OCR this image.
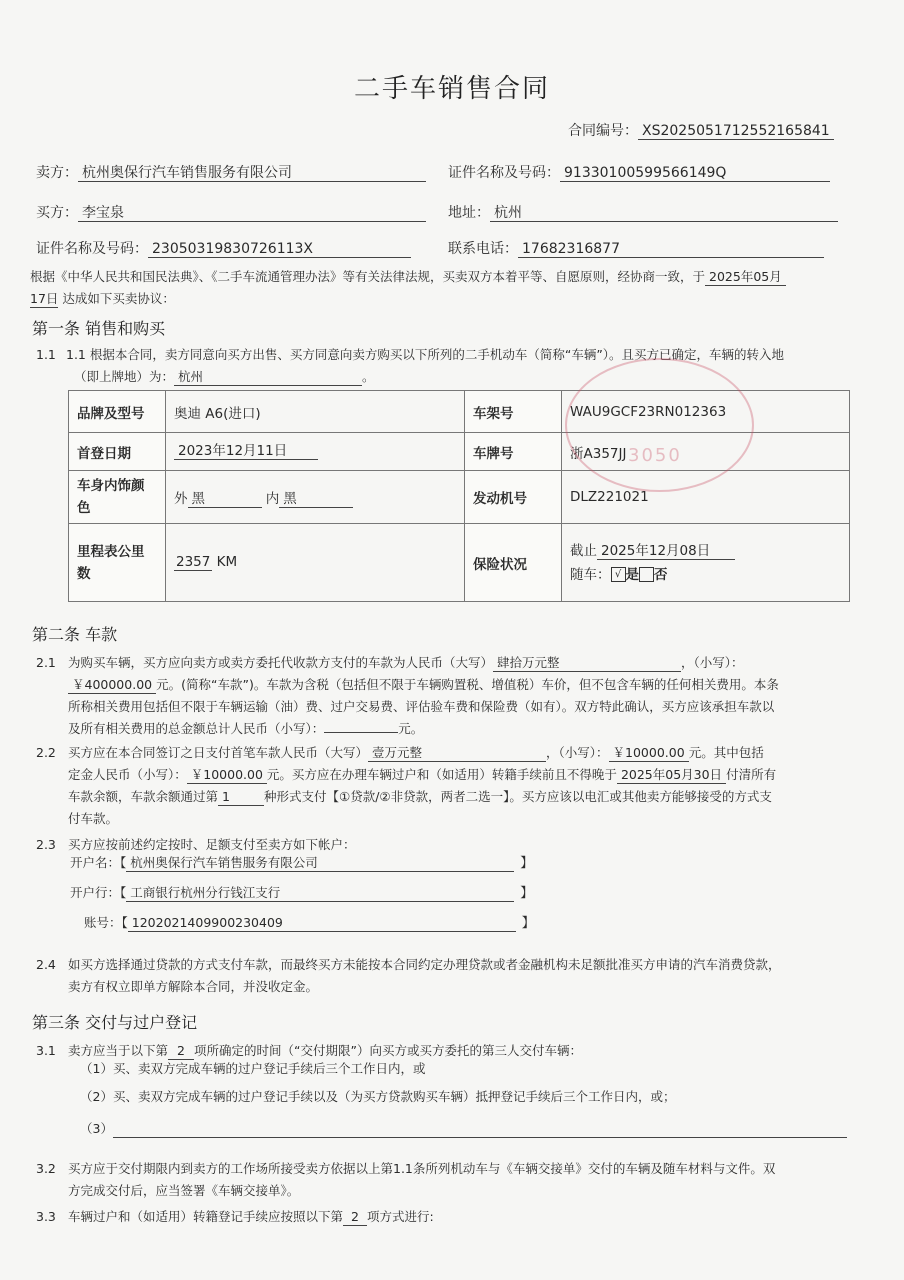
二手车销售合同
合同编号： XS2025051712552165841
卖方： 杭州奥保行汽车销售服务有限公司	证件名称及号码： 91330100599566149Q
买方： 李宝泉	地址： 杭州
证件名称及号码： 23050319830726113X	联系电话： 17682316877
根据《中华人民共和国民法典》、《二手车流通管理办法》等有关法律法规，买卖双方本着平等、自愿原则，经协商一致，于 2025年05月
17日 达成如下买卖协议：
第一条 销售和购买
1.1 1.1 根据本合同，卖方同意向买方出售、买方同意向卖方购买以下所列的二手机动车（简称“车辆”）。且买方已确定，车辆的转入地
（即上牌地）为： 杭州	。
品牌及型号	奥迪 A6(进口)	车架号	WAU9GCF23RN012363
首登日期	2023年12月11日	车牌号	浙A357JJ
车身内饰颜色	外 黑 内 黑	发动机号	DLZ221021
里程表公里数	2357 KM	保险状况	截止 2025年12月08日
随车： √ 是 否
3050
第二条 车款
2.1 为购买车辆，买方应向卖方或卖方委托代收款方支付的车款为人民币（大写） 肆拾万元整	，（小写）：
￥400000.00 元。(简称“车款”)。车款为含税（包括但不限于车辆购置税、增值税）车价，但不包含车辆的任何相关费用。本条
所称相关费用包括但不限于车辆运输（油）费、过户交易费、评估验车费和保险费（如有）。双方特此确认，买方应该承担车款以
及所有相关费用的总金额总计人民币（小写）：	元。
2.2 买方应在本合同签订之日支付首笔车款人民币（大写） 壹万元整	，（小写）： ￥10000.00 元。其中包括
定金人民币（小写）： ￥10000.00 元。买方应在办理车辆过户和（如适用）转籍手续前且不得晚于 2025年05月30日 付清所有
车款余额，车款余额通过第 1	种形式支付【①贷款/②非贷款，两者二选一】。买方应该以电汇或其他卖方能够接受的方式支
付车款。
2.3 买方应按前述约定按时、足额支付至卖方如下帐户：
开户名：【 杭州奥保行汽车销售服务有限公司	】
开户行：【 工商银行杭州分行钱江支行	】
账号：【 1202021409900230409	】
2.4 如买方选择通过贷款的方式支付车款，而最终买方未能按本合同约定办理贷款或者金融机构未足额批准买方申请的汽车消费贷款，
卖方有权立即单方解除本合同，并没收定金。
第三条 交付与过户登记
3.1 卖方应当于以下第 2 项所确定的时间（“交付期限”）向买方或买方委托的第三人交付车辆：
（1）买、卖双方完成车辆的过户登记手续后三个工作日内，或
（2）买、卖双方完成车辆的过户登记手续以及（为买方贷款购买车辆）抵押登记手续后三个工作日内，或；
（3）
3.2 买方应于交付期限内到卖方的工作场所接受卖方依据以上第1.1条所列机动车与《车辆交接单》交付的车辆及随车材料与文件。双
方完成交付后，应当签署《车辆交接单》。
3.3 车辆过户和（如适用）转籍登记手续应按照以下第 2 项方式进行:
